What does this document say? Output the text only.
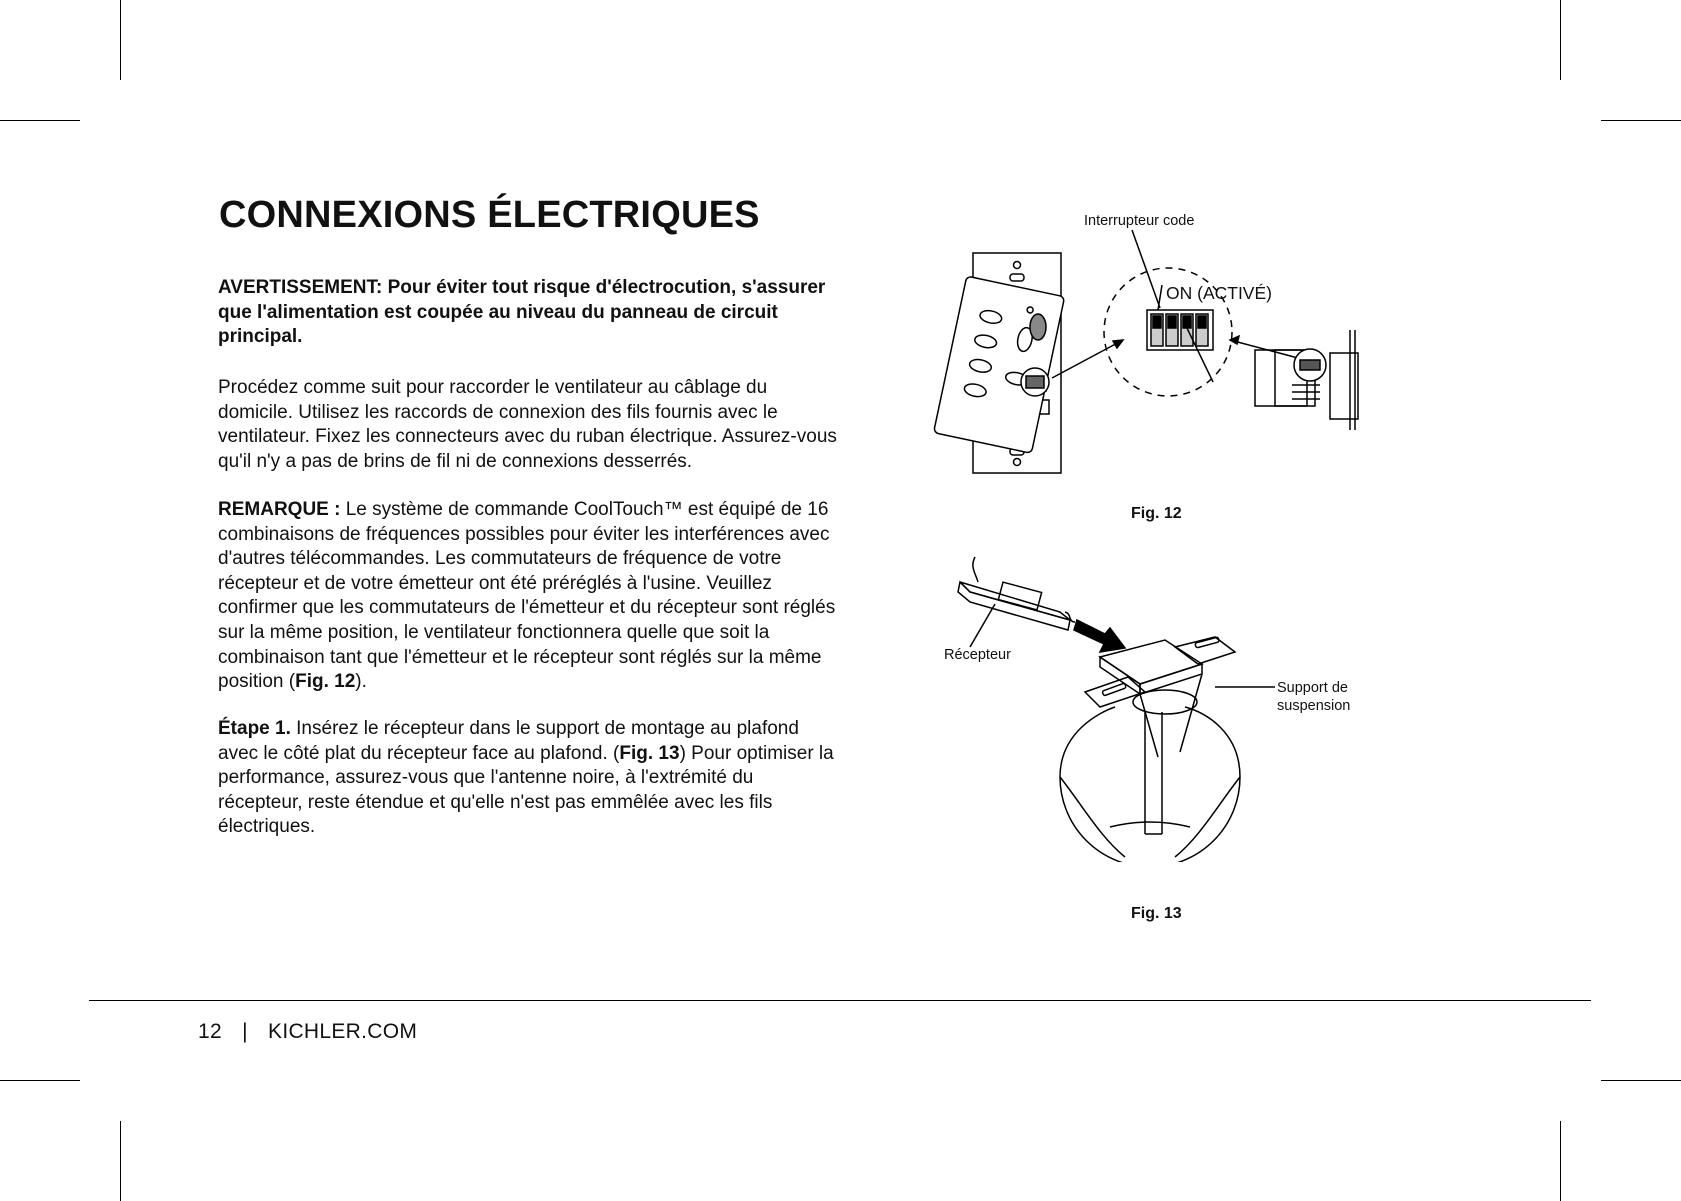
CONNEXIONS ÉLECTRIQUES

AVERTISSEMENT: Pour éviter tout risque d'électrocution, s'assurer que l'alimentation est coupée au niveau du panneau de circuit principal.

Procédez comme suit pour raccorder le ventilateur au câblage du domicile. Utilisez les raccords de connexion des fils fournis avec le ventilateur. Fixez les connecteurs avec du ruban électrique. Assurez-vous qu'il n'y a pas de brins de fil ni de connexions desserrés.

REMARQUE : Le système de commande CoolTouch™ est équipé de 16 combinaisons de fréquences possibles pour éviter les interférences avec d'autres télécommandes. Les commutateurs de fréquence de votre récepteur et de votre émetteur ont été préréglés à l'usine. Veuillez confirmer que les commutateurs de l'émetteur et du récepteur sont réglés sur la même position, le ventilateur fonctionnera quelle que soit la combinaison tant que l'émetteur et le récepteur sont réglés sur la même position (Fig. 12).

Étape 1. Insérez le récepteur dans le support de montage au plafond avec le côté plat du récepteur face au plafond. (Fig. 13) Pour optimiser la performance, assurez-vous que l'antenne noire, à l'extrémité du récepteur, reste étendue et qu'elle n'est pas emmêlée avec les fils électriques.

Interrupteur code
ON (ACTIVÉ)
Fig. 12
Récepteur
Support de
suspension
Fig. 13
12 | KICHLER.COM
